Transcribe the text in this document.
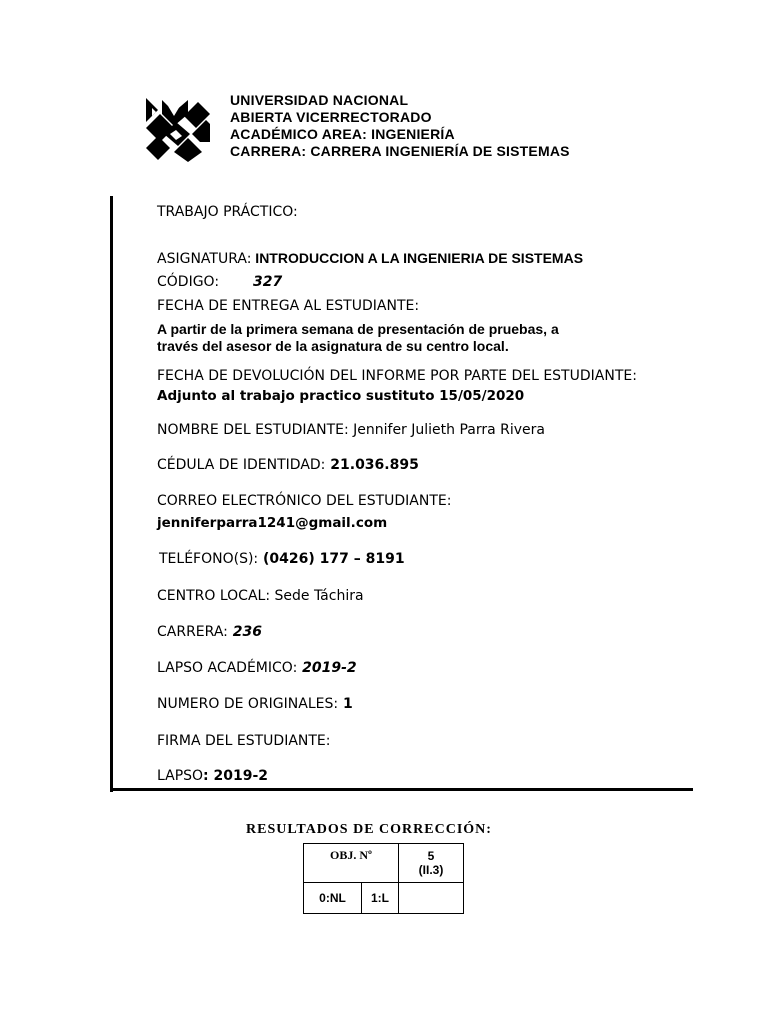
UNIVERSIDAD NACIONAL
ABIERTA VICERRECTORADO
ACADÉMICO AREA: INGENIERÍA
CARRERA: CARRERA INGENIERÍA DE SISTEMAS
TRABAJO PRÁCTICO:
ASIGNATURA: INTRODUCCION A LA INGENIERIA DE SISTEMAS
CÓDIGO: 327
FECHA DE ENTREGA AL ESTUDIANTE:
A partir de la primera semana de presentación de pruebas, a
través del asesor de la asignatura de su centro local.
FECHA DE DEVOLUCIÓN DEL INFORME POR PARTE DEL ESTUDIANTE:
Adjunto al trabajo practico sustituto 15/05/2020
NOMBRE DEL ESTUDIANTE: Jennifer Julieth Parra Rivera
CÉDULA DE IDENTIDAD: 21.036.895
CORREO ELECTRÓNICO DEL ESTUDIANTE:
jenniferparra1241@gmail.com
TELÉFONO(S): (0426) 177 – 8191
CENTRO LOCAL: Sede Táchira
CARRERA: 236
LAPSO ACADÉMICO: 2019-2
NUMERO DE ORIGINALES: 1
FIRMA DEL ESTUDIANTE:
LAPSO: 2019-2
RESULTADOS DE CORRECCIÓN:
OBJ. Nº		5
(II.3)

0:NL	1:L	
